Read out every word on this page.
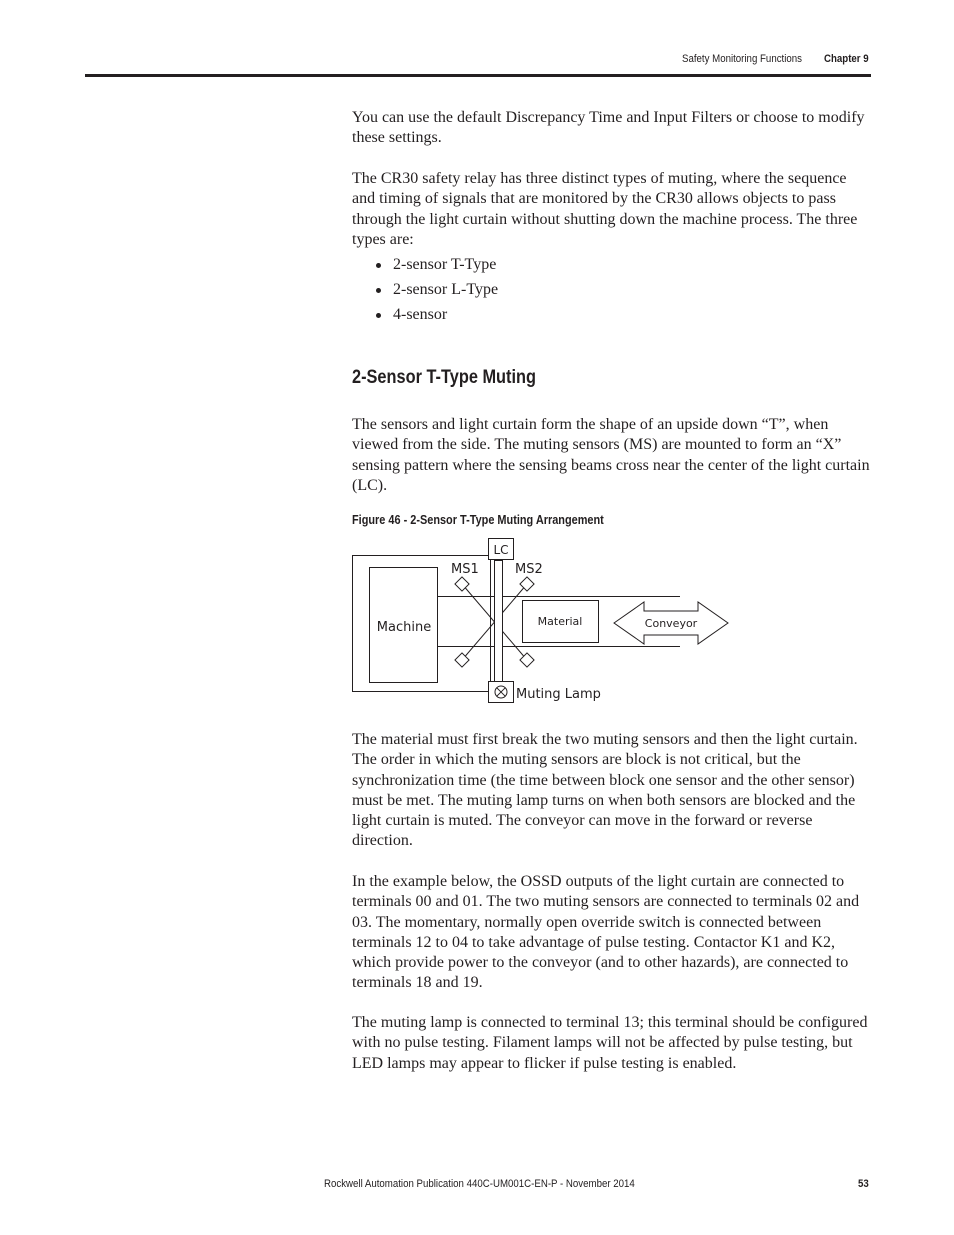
Safety Monitoring Functions Chapter 9

You can use the default Discrepancy Time and Input Filters or choose to modify these settings.

The CR30 safety relay has three distinct types of muting, where the sequence and timing of signals that are monitored by the CR30 allows objects to pass through the light curtain without shutting down the machine process. The three types are:

2-sensor T-Type
2-sensor L-Type
4-sensor
2-Sensor T-Type Muting

The sensors and light curtain form the shape of an upside down “T”, when viewed from the side. The muting sensors (MS) are mounted to form an “X” sensing pattern where the sensing beams cross near the center of the light curtain (LC).

Figure 46 - 2-Sensor T-Type Muting Arrangement
LC
MS1	MS2
Material	Conveyor
Machine
Muting Lamp

The material must first break the two muting sensors and then the light curtain. The order in which the muting sensors are block is not critical, but the synchronization time (the time between block one sensor and the other sensor) must be met. The muting lamp turns on when both sensors are blocked and the light curtain is muted. The conveyor can move in the forward or reverse direction.

In the example below, the OSSD outputs of the light curtain are connected to terminals 00 and 01. The two muting sensors are connected to terminals 02 and 03. The momentary, normally open override switch is connected between terminals 12 to 04 to take advantage of pulse testing. Contactor K1 and K2, which provide power to the conveyor (and to other hazards), are connected to terminals 18 and 19.

The muting lamp is connected to terminal 13; this terminal should be configured with no pulse testing. Filament lamps will not be affected by pulse testing, but LED lamps may appear to flicker if pulse testing is enabled.

Rockwell Automation Publication 440C-UM001C-EN-P - November 2014	53
